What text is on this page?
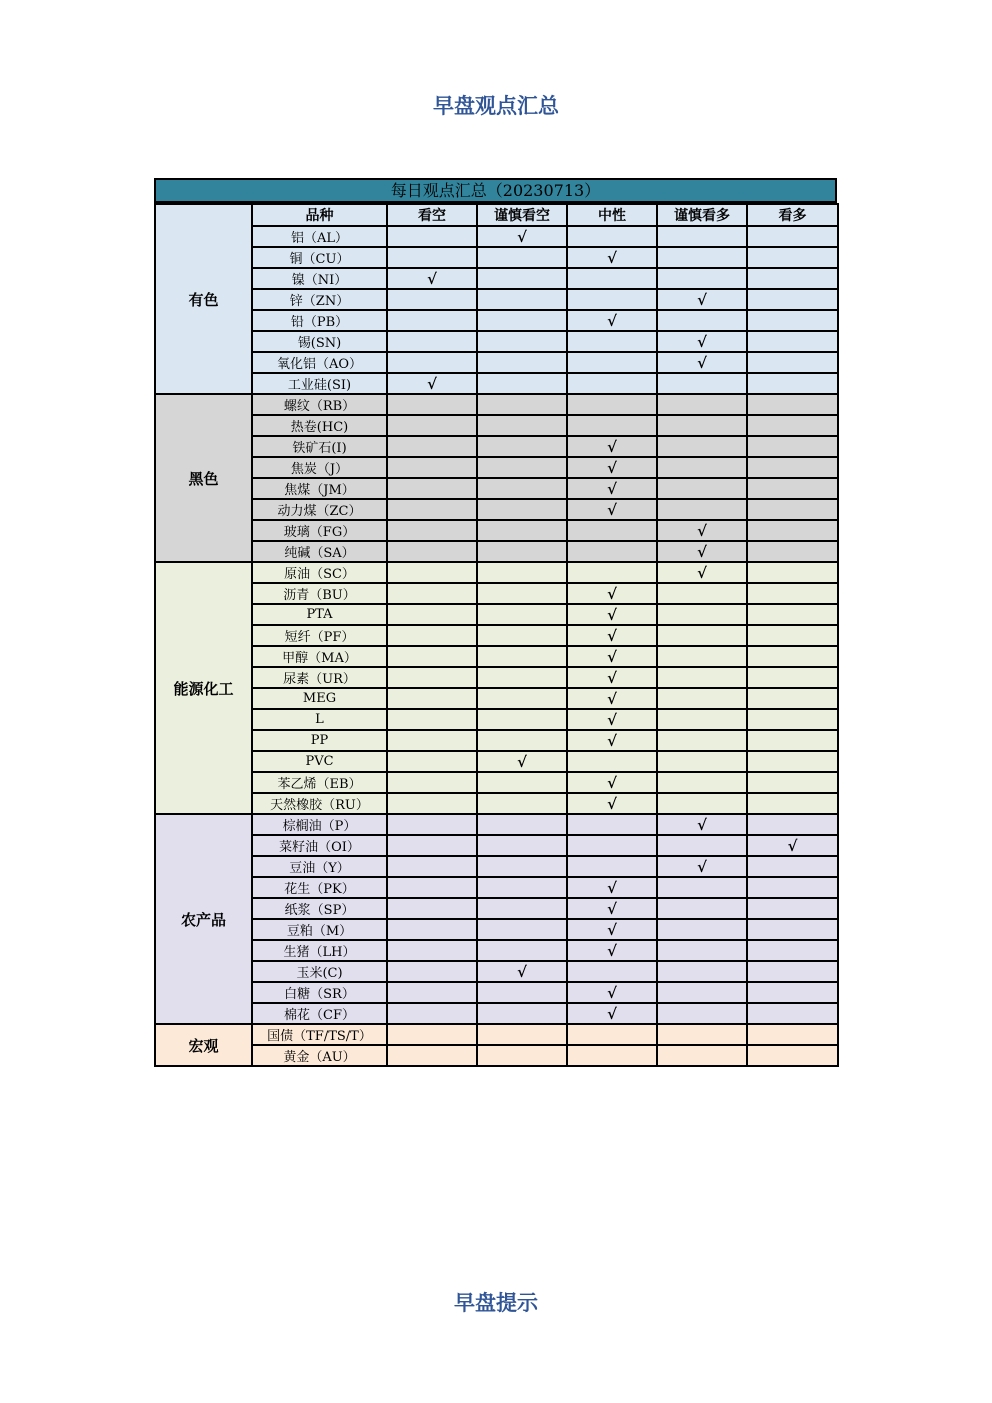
早盘观点汇总
每日观点汇总（20230713）
有色	品种	看空	谨慎看空	中性	谨慎看多	看多
	铝（AL）		√			
	铜（CU）			√		
	镍（NI）	√				
	锌（ZN）				√	
	铅（PB）			√		
	锡(SN)				√	
	氧化铝（AO）				√	
	工业硅(SI)	√				
黑色	螺纹（RB）					
	热卷(HC)					
	铁矿石(I)			√		
	焦炭（J）			√		
	焦煤（JM）			√		
	动力煤（ZC）			√		
	玻璃（FG）				√	
	纯碱（SA）				√	
能源化工	原油（SC）				√	
	沥青（BU）			√		
	PTA			√		
	短纤（PF）			√		
	甲醇（MA）			√		
	尿素（UR）			√		
	MEG			√		
	L			√		
	PP			√		
	PVC		√			
	苯乙烯（EB）			√		
	天然橡胶（RU）			√		
农产品	棕榈油（P）				√	
	菜籽油（OI）					√
	豆油（Y）				√	
	花生（PK）			√		
	纸浆（SP）			√		
	豆粕（M）			√		
	生猪（LH）			√		
	玉米(C)		√			
	白糖（SR）			√		
	棉花（CF）			√		
宏观	国债（TF/TS/T）					
	黄金（AU）					
早盘提示
